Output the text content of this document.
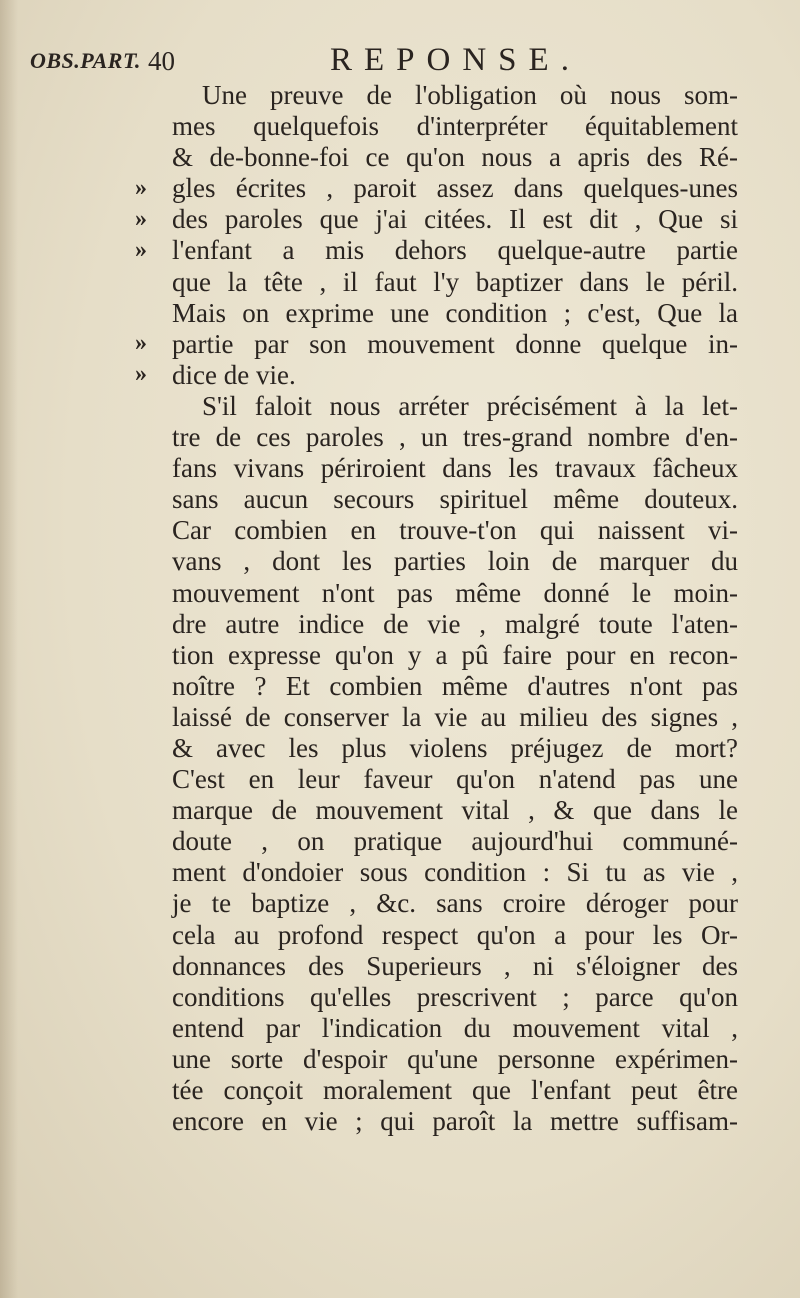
OBS.PART. 40	REPONSE.
»
»
»
»
»
Une preuve de l'obligation où nous som-
mes quelquefois d'interpréter équitablement
& de-bonne-foi ce qu'on nous a apris des Ré-
gles écrites , paroit assez dans quelques-unes
des paroles que j'ai citées. Il est dit , Que si
l'enfant a mis dehors quelque-autre partie
que la tête , il faut l'y baptizer dans le péril.
Mais on exprime une condition ; c'est, Que la
partie par son mouvement donne quelque in-
dice de vie.
S'il faloit nous arréter précisément à la let-
tre de ces paroles , un tres-grand nombre d'en-
fans vivans périroient dans les travaux fâcheux
sans aucun secours spirituel même douteux.
Car combien en trouve-t'on qui naissent vi-
vans , dont les parties loin de marquer du
mouvement n'ont pas même donné le moin-
dre autre indice de vie , malgré toute l'aten-
tion expresse qu'on y a pû faire pour en recon-
noître ? Et combien même d'autres n'ont pas
laissé de conserver la vie au milieu des signes ,
& avec les plus violens préjugez de mort?
C'est en leur faveur qu'on n'atend pas une
marque de mouvement vital , & que dans le
doute , on pratique aujourd'hui communé-
ment d'ondoier sous condition : Si tu as vie ,
je te baptize , &c. sans croire déroger pour
cela au profond respect qu'on a pour les Or-
donnances des Superieurs , ni s'éloigner des
conditions qu'elles prescrivent ; parce qu'on
entend par l'indication du mouvement vital ,
une sorte d'espoir qu'une personne expérimen-
tée conçoit moralement que l'enfant peut être
encore en vie ; qui paroît la mettre suffisam-
